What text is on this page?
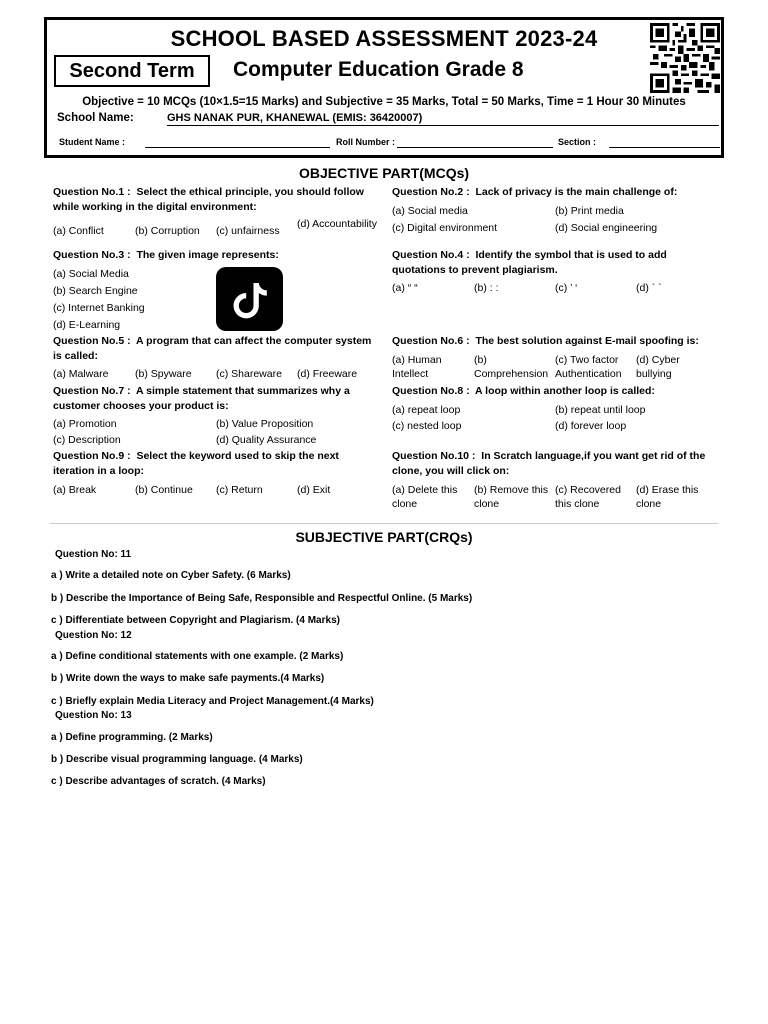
SCHOOL BASED ASSESSMENT 2023-24
Second Term	Computer Education Grade 8
Objective = 10 MCQs (10×1.5=15 Marks) and Subjective = 35 Marks, Total = 50 Marks, Time = 1 Hour 30 Minutes
School Name:	GHS NANAK PUR, KHANEWAL (EMIS: 36420007)
Student Name :	Roll Number :	Section :
OBJECTIVE PART(MCQs)
Question No.1 : Select the ethical principle, you should follow while working in the digital environment:
(a) Conflict	(b) Corruption (c) unfairness
(d) Accountability
Question No.2 : Lack of privacy is the main challenge of:
(a) Social media	(b) Print media
(c) Digital environment	(d) Social engineering
Question No.3 : The given image represents:
(a) Social Media
(b) Search Engine
(c) Internet Banking
(d) E-Learning
Question No.4 : Identify the symbol that is used to add quotations to prevent plagiarism.
(a) “ “	(b) : :	(c) ’ ‘	(d) ` `
Question No.5 : A program that can affect the computer system is called:
(a) Malware	(b) Spyware (c) Shareware (d) Freeware
Question No.6 : The best solution against E-mail spoofing is:
(a) Human Intellect
(b) Comprehension
(c) Two factor Authentication
(d) Cyber bullying
Question No.7 : A simple statement that summarizes why a customer chooses your product is:
(a) Promotion	(b) Value Proposition
(c) Description	(d) Quality Assurance
Question No.8 : A loop within another loop is called:
(a) repeat loop	(b) repeat until loop
(c) nested loop	(d) forever loop
Question No.9 : Select the keyword used to skip the next iteration in a loop:
(a) Break	(b) Continue (c) Return	(d) Exit
Question No.10 : In Scratch language,if you want get rid of the clone, you will click on:
(a) Delete this clone
(b) Remove this clone
(c) Recovered this clone
(d) Erase this clone
SUBJECTIVE PART(CRQs)
Question No: 11
a ) Write a detailed note on Cyber Safety. (6 Marks)
b ) Describe the Importance of Being Safe, Responsible and Respectful Online. (5 Marks)
c ) Differentiate between Copyright and Plagiarism. (4 Marks)
Question No: 12
a ) Define conditional statements with one example. (2 Marks)
b ) Write down the ways to make safe payments.(4 Marks)
c ) Briefly explain Media Literacy and Project Management.(4 Marks)
Question No: 13
a ) Define programming. (2 Marks)
b ) Describe visual programming language. (4 Marks)
c ) Describe advantages of scratch. (4 Marks)
